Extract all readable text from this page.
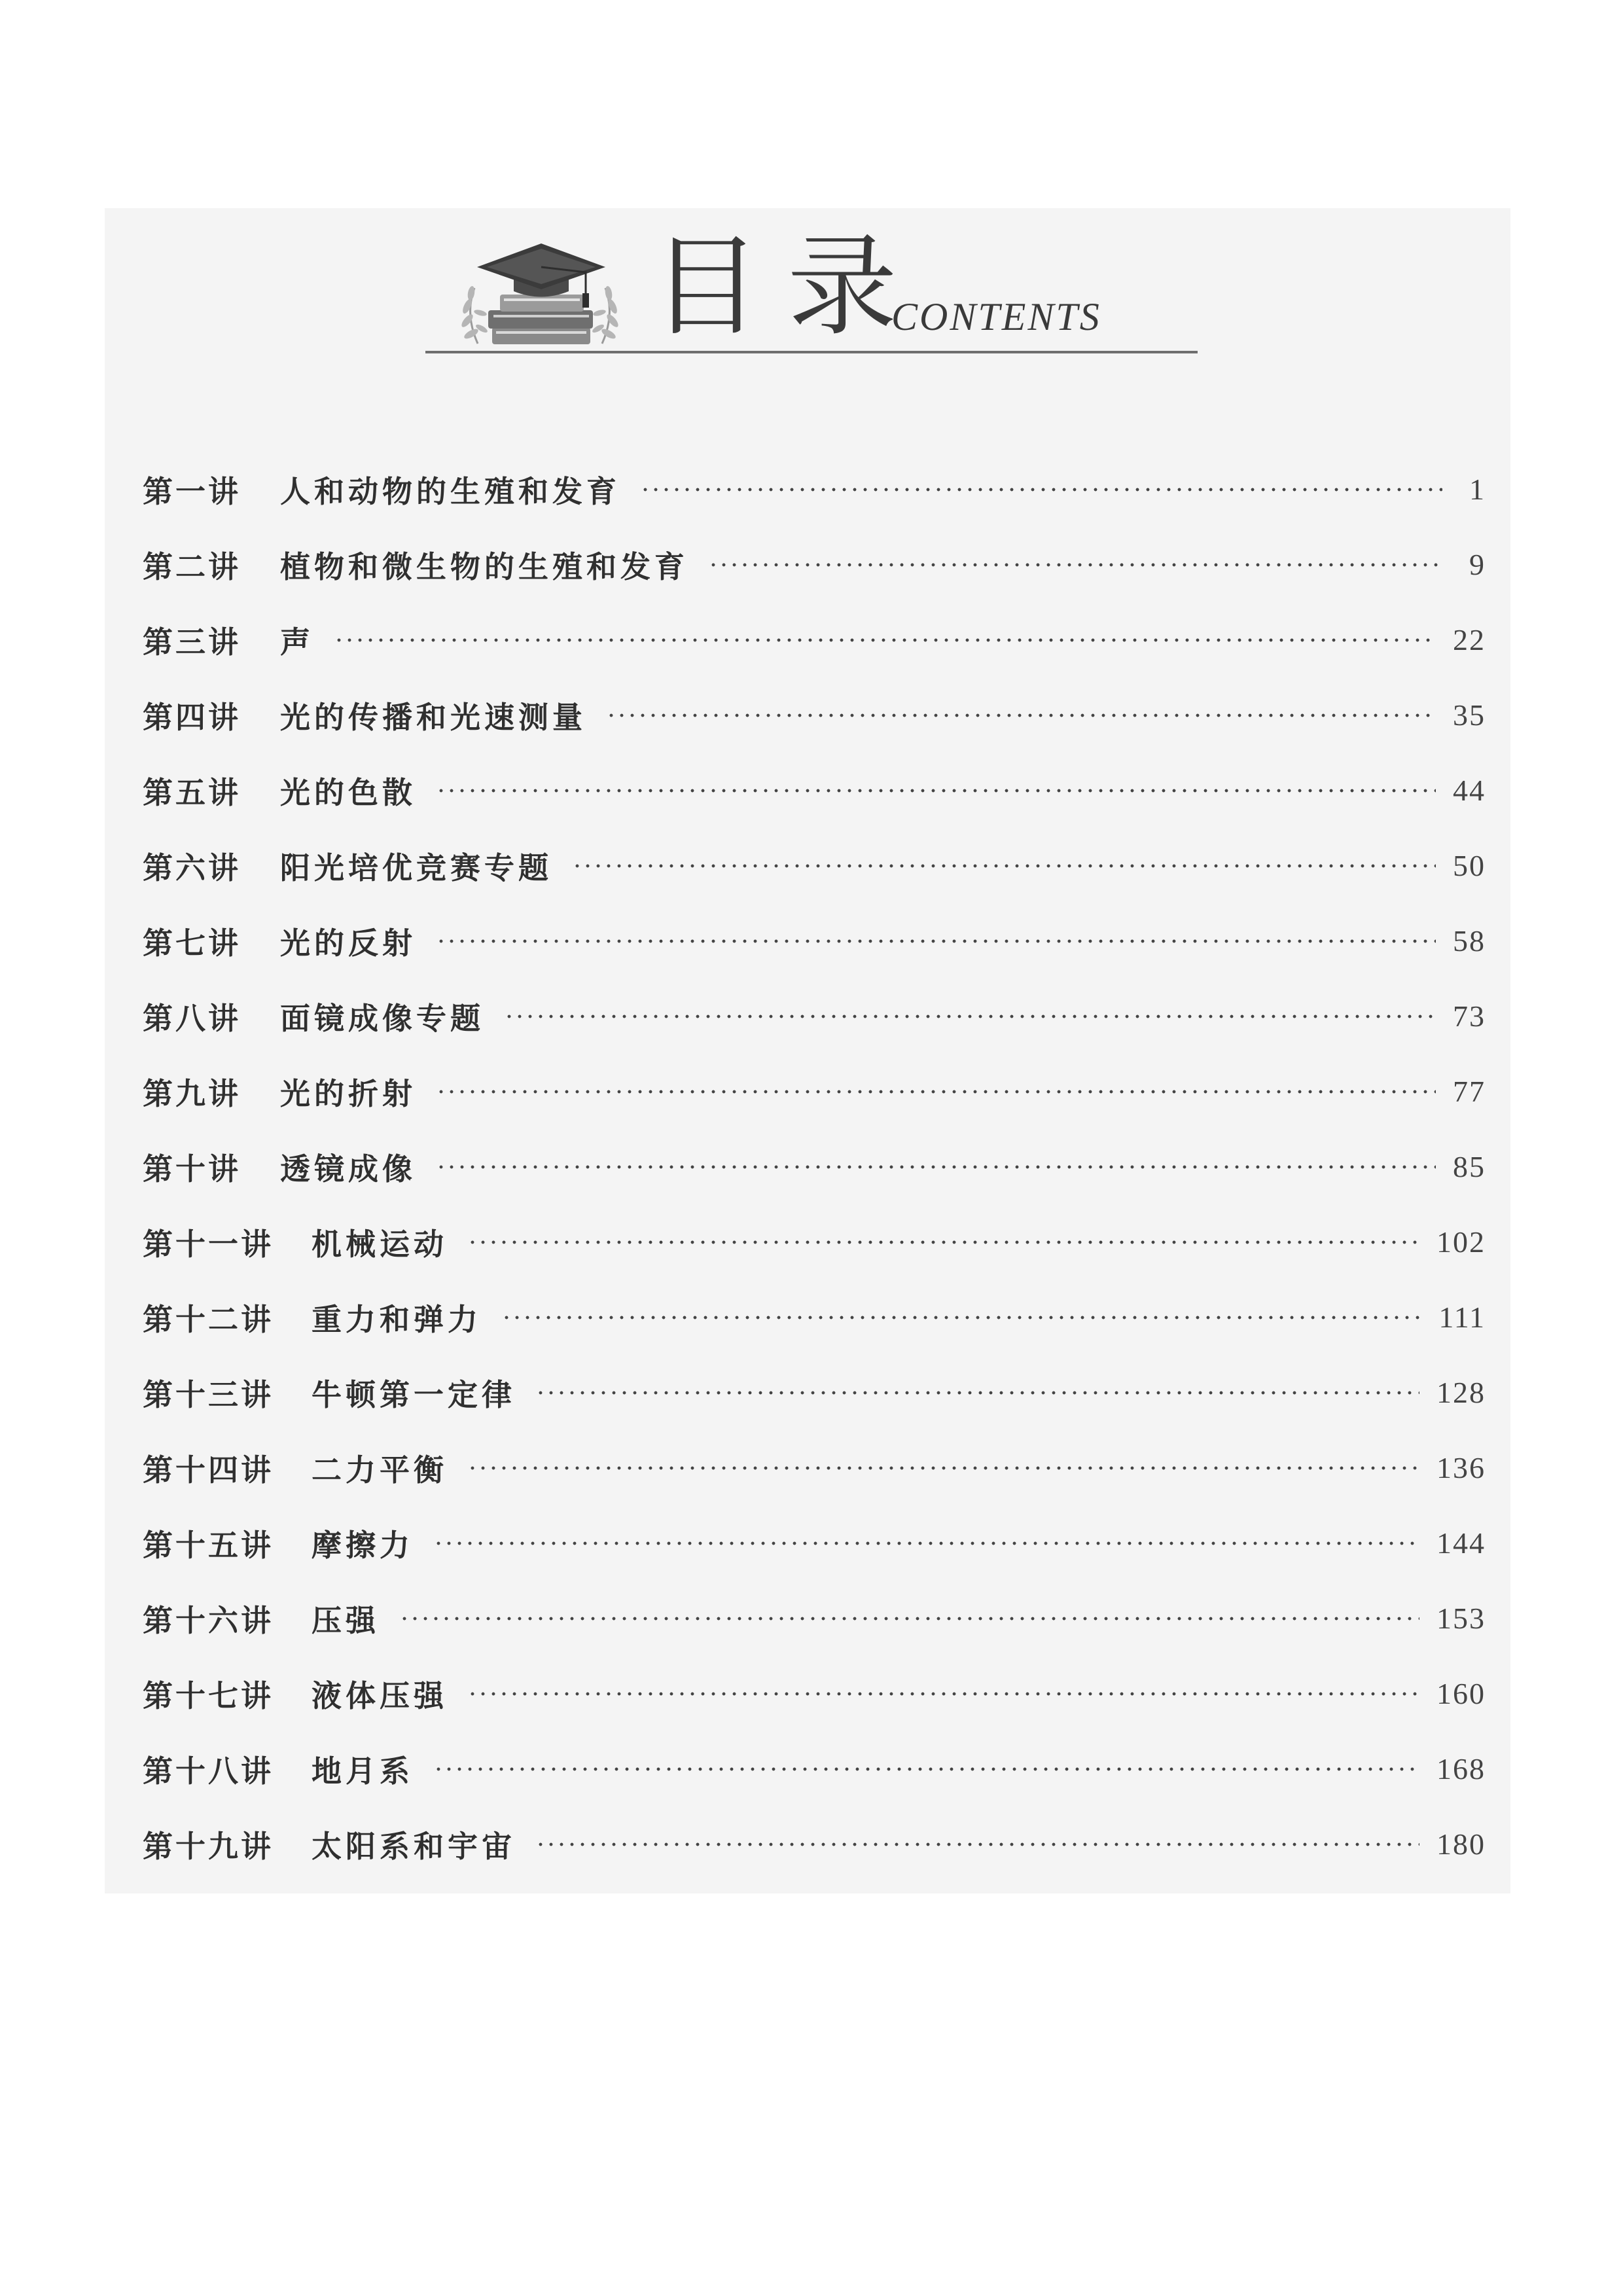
目录
CONTENTS
第一讲	人和动物的生殖和发育	1
第二讲	植物和微生物的生殖和发育	9
第三讲	声	22
第四讲	光的传播和光速测量	35
第五讲	光的色散	44
第六讲	阳光培优竞赛专题	50
第七讲	光的反射	58
第八讲	面镜成像专题	73
第九讲	光的折射	77
第十讲	透镜成像	85
第十一讲	机械运动	102
第十二讲	重力和弹力	111
第十三讲	牛顿第一定律	128
第十四讲	二力平衡	136
第十五讲	摩擦力	144
第十六讲	压强	153
第十七讲	液体压强	160
第十八讲	地月系	168
第十九讲	太阳系和宇宙	180
